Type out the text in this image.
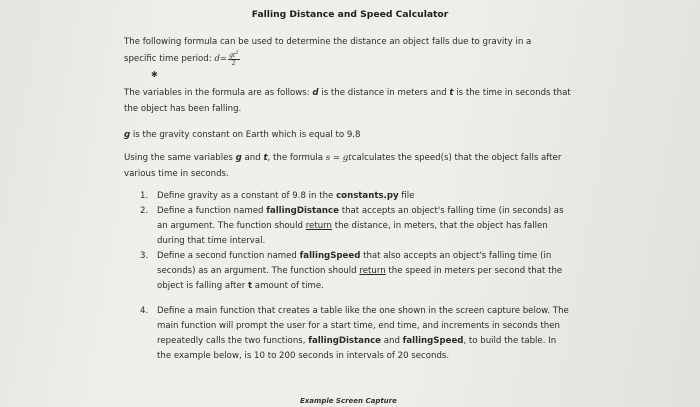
Falling Distance and Speed Calculator
The following formula can be used to determine the distance an object falls due to gravity in a
specific time period: $d= \frac{gt^2}{2}$
✱
The variables in the formula are as follows: d is the distance in meters and t is the time in seconds that the object has been falling.
g is the gravity constant on Earth which is equal to 9.8
Using the same variables g and t, the formula s = gtcalculates the speed(s) that the object falls after various time in seconds.
1. Define gravity as a constant of 9.8 in the constants.py file
2. Define a function named fallingDistance that accepts an object's falling time (in seconds) as an argument. The function should return the distance, in meters, that the object has fallen during that time interval.
3. Define a second function named fallingSpeed that also accepts an object's falling time (in seconds) as an argument. The function should return the speed in meters per second that the object is falling after t amount of time.
4. Define a main function that creates a table like the one shown in the screen capture below. The main function will prompt the user for a start time, end time, and increments in seconds then repeatedly calls the two functions, fallingDistance and fallingSpeed, to build the table. In the example below, is 10 to 200 seconds in intervals of 20 seconds.
Example Screen Capture
